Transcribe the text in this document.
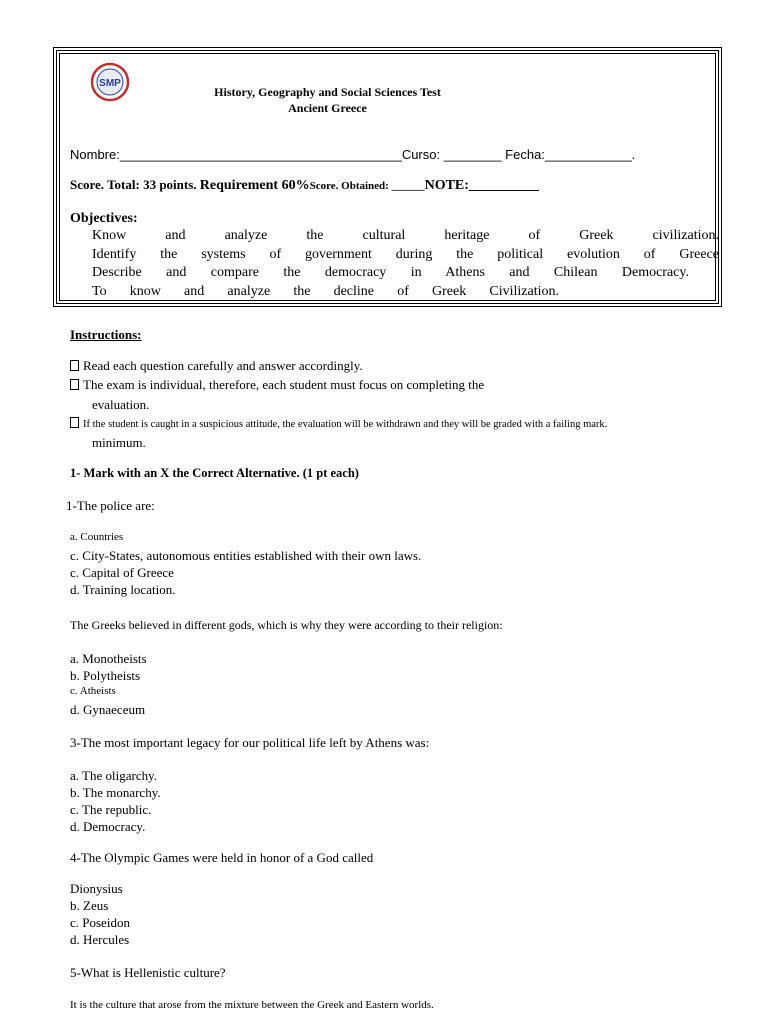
SMP
History, Geography and Social Sciences Test
Ancient Greece
Nombre:_______________________________________Curso: ________ Fecha:____________.
Score. Total: 33 points. Requirement 60%Score. Obtained: ______NOTE:__________
Objectives:
Know and analyze the cultural heritage of Greek civilization.
Identify the systems of government during the political evolution of Greece
Describe and compare the democracy in Athens and Chilean Democracy.
To know and analyze the decline of Greek Civilization.
Instructions:
Read each question carefully and answer accordingly.
The exam is individual, therefore, each student must focus on completing the
evaluation.
If the student is caught in a suspicious attitude, the evaluation will be withdrawn and they will be graded with a failing mark.
minimum.
1- Mark with an X the Correct Alternative. (1 pt each)
1-The police are:
a. Countries
c. City-States, autonomous entities established with their own laws.
c. Capital of Greece
d. Training location.
The Greeks believed in different gods, which is why they were according to their religion:
a. Monotheists
b. Polytheists
c. Atheists
d. Gynaeceum
3-The most important legacy for our political life left by Athens was:
a. The oligarchy.
b. The monarchy.
c. The republic.
d. Democracy.
4-The Olympic Games were held in honor of a God called
Dionysius
b. Zeus
c. Poseidon
d. Hercules
5-What is Hellenistic culture?
It is the culture that arose from the mixture between the Greek and Eastern worlds.
